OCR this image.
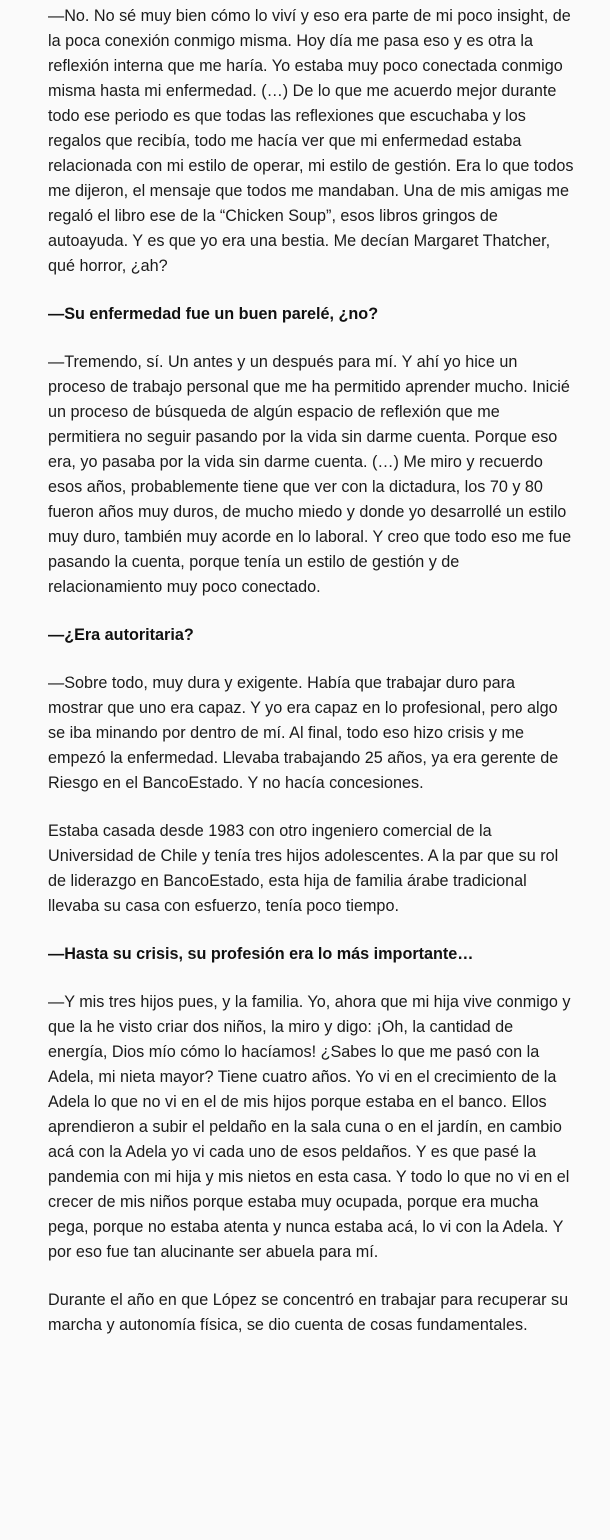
—No. No sé muy bien cómo lo viví y eso era parte de mi poco insight, de la poca conexión conmigo misma. Hoy día me pasa eso y es otra la reflexión interna que me haría. Yo estaba muy poco conectada conmigo misma hasta mi enfermedad. (…) De lo que me acuerdo mejor durante todo ese periodo es que todas las reflexiones que escuchaba y los regalos que recibía, todo me hacía ver que mi enfermedad estaba relacionada con mi estilo de operar, mi estilo de gestión. Era lo que todos me dijeron, el mensaje que todos me mandaban. Una de mis amigas me regaló el libro ese de la “Chicken Soup”, esos libros gringos de autoayuda. Y es que yo era una bestia. Me decían Margaret Thatcher, qué horror, ¿ah?

—Su enfermedad fue un buen parelé, ¿no?

—Tremendo, sí. Un antes y un después para mí. Y ahí yo hice un proceso de trabajo personal que me ha permitido aprender mucho. Inicié un proceso de búsqueda de algún espacio de reflexión que me permitiera no seguir pasando por la vida sin darme cuenta. Porque eso era, yo pasaba por la vida sin darme cuenta. (…) Me miro y recuerdo esos años, probablemente tiene que ver con la dictadura, los 70 y 80 fueron años muy duros, de mucho miedo y donde yo desarrollé un estilo muy duro, también muy acorde en lo laboral. Y creo que todo eso me fue pasando la cuenta, porque tenía un estilo de gestión y de relacionamiento muy poco conectado.

—¿Era autoritaria?

—Sobre todo, muy dura y exigente. Había que trabajar duro para mostrar que uno era capaz. Y yo era capaz en lo profesional, pero algo se iba minando por dentro de mí. Al final, todo eso hizo crisis y me empezó la enfermedad. Llevaba trabajando 25 años, ya era gerente de Riesgo en el BancoEstado. Y no hacía concesiones.

Estaba casada desde 1983 con otro ingeniero comercial de la Universidad de Chile y tenía tres hijos adolescentes. A la par que su rol de liderazgo en BancoEstado, esta hija de familia árabe tradicional llevaba su casa con esfuerzo, tenía poco tiempo.

—Hasta su crisis, su profesión era lo más importante…

—Y mis tres hijos pues, y la familia. Yo, ahora que mi hija vive conmigo y que la he visto criar dos niños, la miro y digo: ¡Oh, la cantidad de energía, Dios mío cómo lo hacíamos! ¿Sabes lo que me pasó con la Adela, mi nieta mayor? Tiene cuatro años. Yo vi en el crecimiento de la Adela lo que no vi en el de mis hijos porque estaba en el banco. Ellos aprendieron a subir el peldaño en la sala cuna o en el jardín, en cambio acá con la Adela yo vi cada uno de esos peldaños. Y es que pasé la pandemia con mi hija y mis nietos en esta casa. Y todo lo que no vi en el crecer de mis niños porque estaba muy ocupada, porque era mucha pega, porque no estaba atenta y nunca estaba acá, lo vi con la Adela. Y por eso fue tan alucinante ser abuela para mí.

Durante el año en que López se concentró en trabajar para recuperar su marcha y autonomía física, se dio cuenta de cosas fundamentales.
